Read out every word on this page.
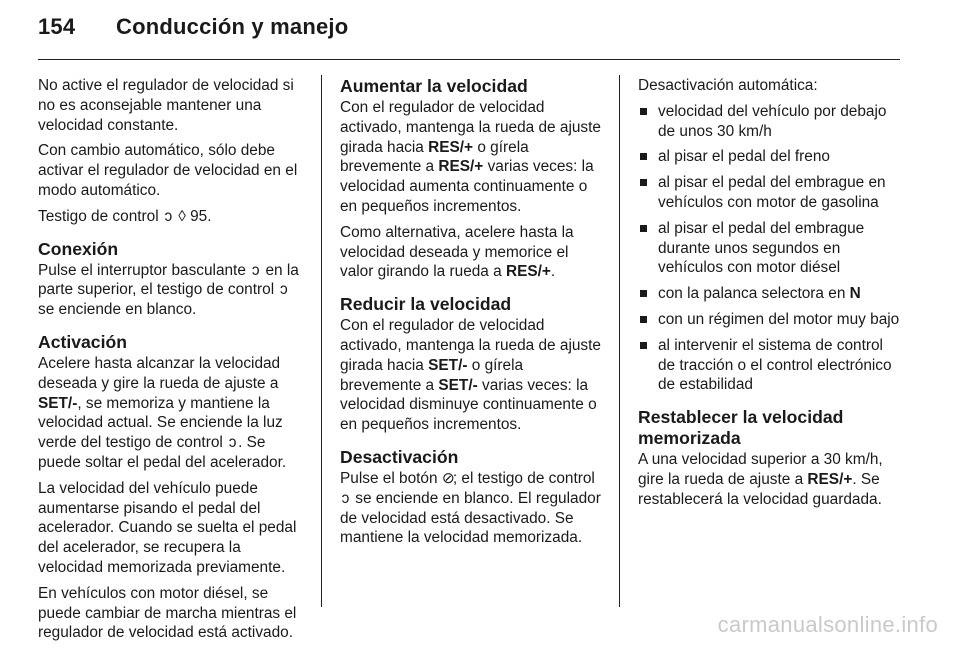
154 Conducción y manejo

No active el regulador de velocidad si no es aconsejable mantener una velocidad constante.

Con cambio automático, sólo debe activar el regulador de velocidad en el modo automático.

Testigo de control ɔ ◊ 95.

Conexión

Pulse el interruptor basculante ɔ en la parte superior, el testigo de control ɔ se enciende en blanco.

Activación

Acelere hasta alcanzar la velocidad deseada y gire la rueda de ajuste a SET/-, se memoriza y mantiene la velocidad actual. Se enciende la luz verde del testigo de control ɔ . Se puede soltar el pedal del acelerador.

La velocidad del vehículo puede aumentarse pisando el pedal del acelerador. Cuando se suelta el pedal del acelerador, se recupera la velocidad memorizada previamente.

En vehículos con motor diésel, se puede cambiar de marcha mientras el regulador de velocidad está activado.

Aumentar la velocidad

Con el regulador de velocidad activado, mantenga la rueda de ajuste girada hacia RES/+ o gírela brevemente a RES/+ varias veces: la velocidad aumenta continuamente o en pequeños incrementos.

Como alternativa, acelere hasta la velocidad deseada y memorice el valor girando la rueda a RES/+.

Reducir la velocidad

Con el regulador de velocidad activado, mantenga la rueda de ajuste girada hacia SET/- o gírela brevemente a SET/- varias veces: la velocidad disminuye continuamente o en pequeños incrementos.

Desactivación

Pulse el botón ⊘; el testigo de control ɔ se enciende en blanco. El regulador de velocidad está desactivado. Se mantiene la velocidad memorizada.

Desactivación automática:

velocidad del vehículo por debajo de unos 30 km/h
al pisar el pedal del freno
al pisar el pedal del embrague en vehículos con motor de gasolina
al pisar el pedal del embrague durante unos segundos en vehículos con motor diésel
con la palanca selectora en N
con un régimen del motor muy bajo
al intervenir el sistema de control de tracción o el control electrónico de estabilidad
Restablecer la velocidad memorizada

A una velocidad superior a 30 km/h, gire la rueda de ajuste a RES/+. Se restablecerá la velocidad guardada.

carmanualsonline.info
